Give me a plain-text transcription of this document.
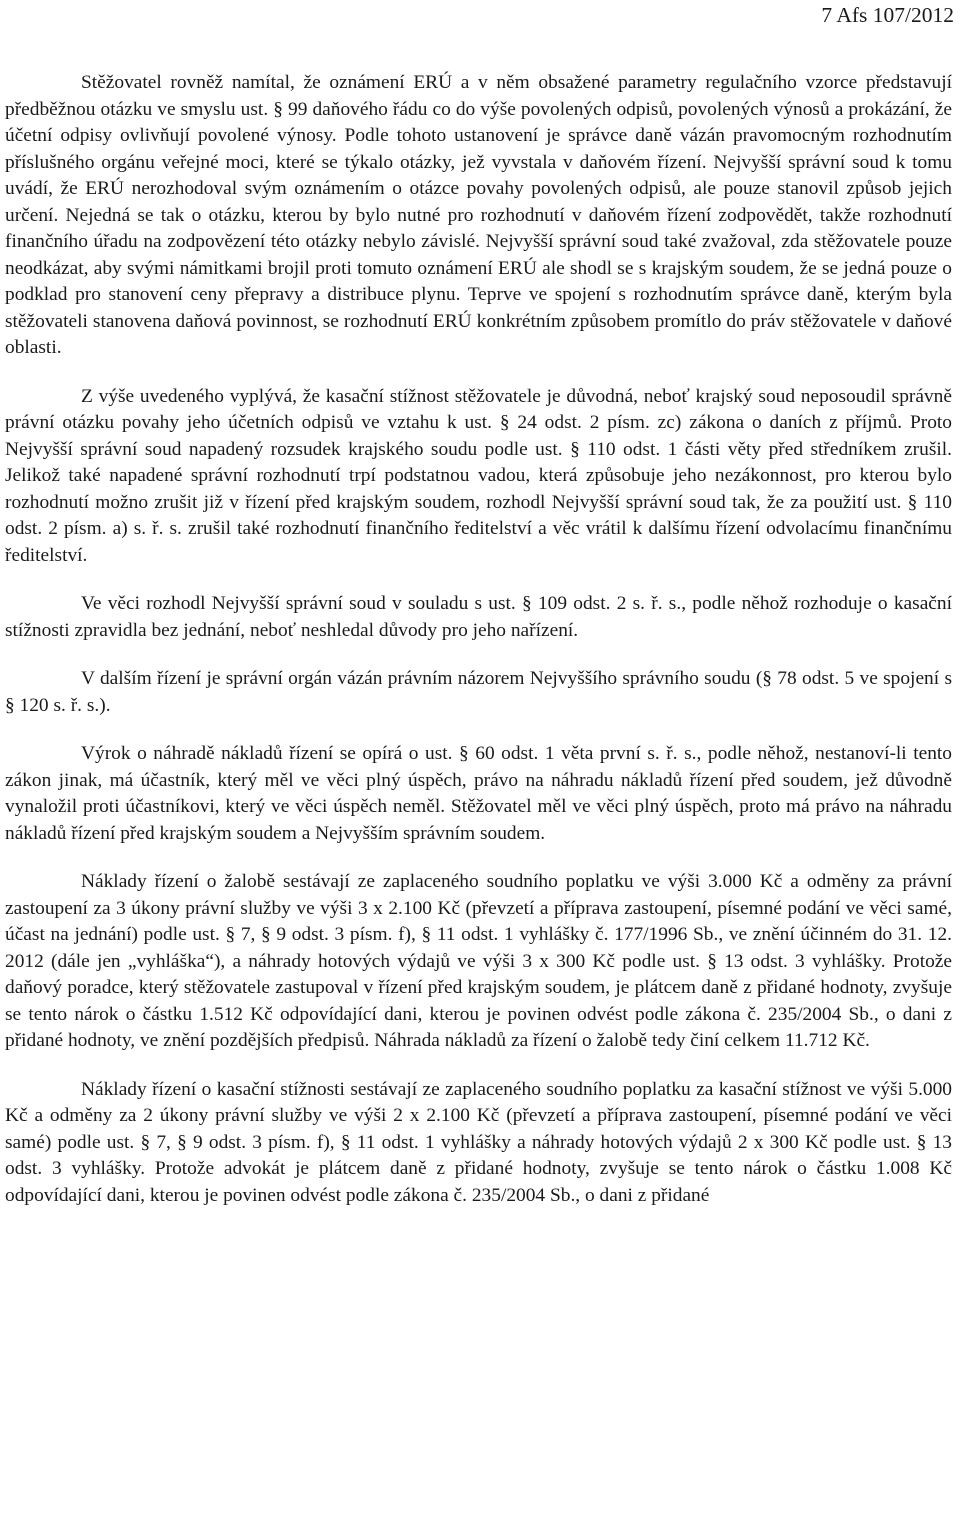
7 Afs 107/2012

Stěžovatel rovněž namítal, že oznámení ERÚ a v něm obsažené parametry regulačního vzorce představují předběžnou otázku ve smyslu ust. § 99 daňového řádu co do výše povolených odpisů, povolených výnosů a prokázání, že účetní odpisy ovlivňují povolené výnosy. Podle tohoto ustanovení je správce daně vázán pravomocným rozhodnutím příslušného orgánu veřejné moci, které se týkalo otázky, jež vyvstala v daňovém řízení. Nejvyšší správní soud k tomu uvádí, že ERÚ nerozhodoval svým oznámením o otázce povahy povolených odpisů, ale pouze stanovil způsob jejich určení. Nejedná se tak o otázku, kterou by bylo nutné pro rozhodnutí v daňovém řízení zodpovědět, takže rozhodnutí finančního úřadu na zodpovězení této otázky nebylo závislé. Nejvyšší správní soud také zvažoval, zda stěžovatele pouze neodkázat, aby svými námitkami brojil proti tomuto oznámení ERÚ ale shodl se s krajským soudem, že se jedná pouze o podklad pro stanovení ceny přepravy a distribuce plynu. Teprve ve spojení s rozhodnutím správce daně, kterým byla stěžovateli stanovena daňová povinnost, se rozhodnutí ERÚ konkrétním způsobem promítlo do práv stěžovatele v daňové oblasti.

Z výše uvedeného vyplývá, že kasační stížnost stěžovatele je důvodná, neboť krajský soud neposoudil správně právní otázku povahy jeho účetních odpisů ve vztahu k ust. § 24 odst. 2 písm. zc) zákona o daních z příjmů. Proto Nejvyšší správní soud napadený rozsudek krajského soudu podle ust. § 110 odst. 1 části věty před středníkem zrušil. Jelikož také napadené správní rozhodnutí trpí podstatnou vadou, která způsobuje jeho nezákonnost, pro kterou bylo rozhodnutí možno zrušit již v řízení před krajským soudem, rozhodl Nejvyšší správní soud tak, že za použití ust. § 110 odst. 2 písm. a) s. ř. s. zrušil také rozhodnutí finančního ředitelství a věc vrátil k dalšímu řízení odvolacímu finančnímu ředitelství.

Ve věci rozhodl Nejvyšší správní soud v souladu s ust. § 109 odst. 2 s. ř. s., podle něhož rozhoduje o kasační stížnosti zpravidla bez jednání, neboť neshledal důvody pro jeho nařízení.

V dalším řízení je správní orgán vázán právním názorem Nejvyššího správního soudu (§ 78 odst. 5 ve spojení s § 120 s. ř. s.).

Výrok o náhradě nákladů řízení se opírá o ust. § 60 odst. 1 věta první s. ř. s., podle něhož, nestanoví-li tento zákon jinak, má účastník, který měl ve věci plný úspěch, právo na náhradu nákladů řízení před soudem, jež důvodně vynaložil proti účastníkovi, který ve věci úspěch neměl. Stěžovatel měl ve věci plný úspěch, proto má právo na náhradu nákladů řízení před krajským soudem a Nejvyšším správním soudem.

Náklady řízení o žalobě sestávají ze zaplaceného soudního poplatku ve výši 3.000 Kč a odměny za právní zastoupení za 3 úkony právní služby ve výši 3 x 2.100 Kč (převzetí a příprava zastoupení, písemné podání ve věci samé, účast na jednání) podle ust. § 7, § 9 odst. 3 písm. f), § 11 odst. 1 vyhlášky č. 177/1996 Sb., ve znění účinném do 31. 12. 2012 (dále jen „vyhláška“), a náhrady hotových výdajů ve výši 3 x 300 Kč podle ust. § 13 odst. 3 vyhlášky. Protože daňový poradce, který stěžovatele zastupoval v řízení před krajským soudem, je plátcem daně z přidané hodnoty, zvyšuje se tento nárok o částku 1.512 Kč odpovídající dani, kterou je povinen odvést podle zákona č. 235/2004 Sb., o dani z přidané hodnoty, ve znění pozdějších předpisů. Náhrada nákladů za řízení o žalobě tedy činí celkem 11.712 Kč.

Náklady řízení o kasační stížnosti sestávají ze zaplaceného soudního poplatku za kasační stížnost ve výši 5.000 Kč a odměny za 2 úkony právní služby ve výši 2 x 2.100 Kč (převzetí a příprava zastoupení, písemné podání ve věci samé) podle ust. § 7, § 9 odst. 3 písm. f), § 11 odst. 1 vyhlášky a náhrady hotových výdajů 2 x 300 Kč podle ust. § 13 odst. 3 vyhlášky. Protože advokát je plátcem daně z přidané hodnoty, zvyšuje se tento nárok o částku 1.008 Kč odpovídající dani, kterou je povinen odvést podle zákona č. 235/2004 Sb., o dani z přidané
